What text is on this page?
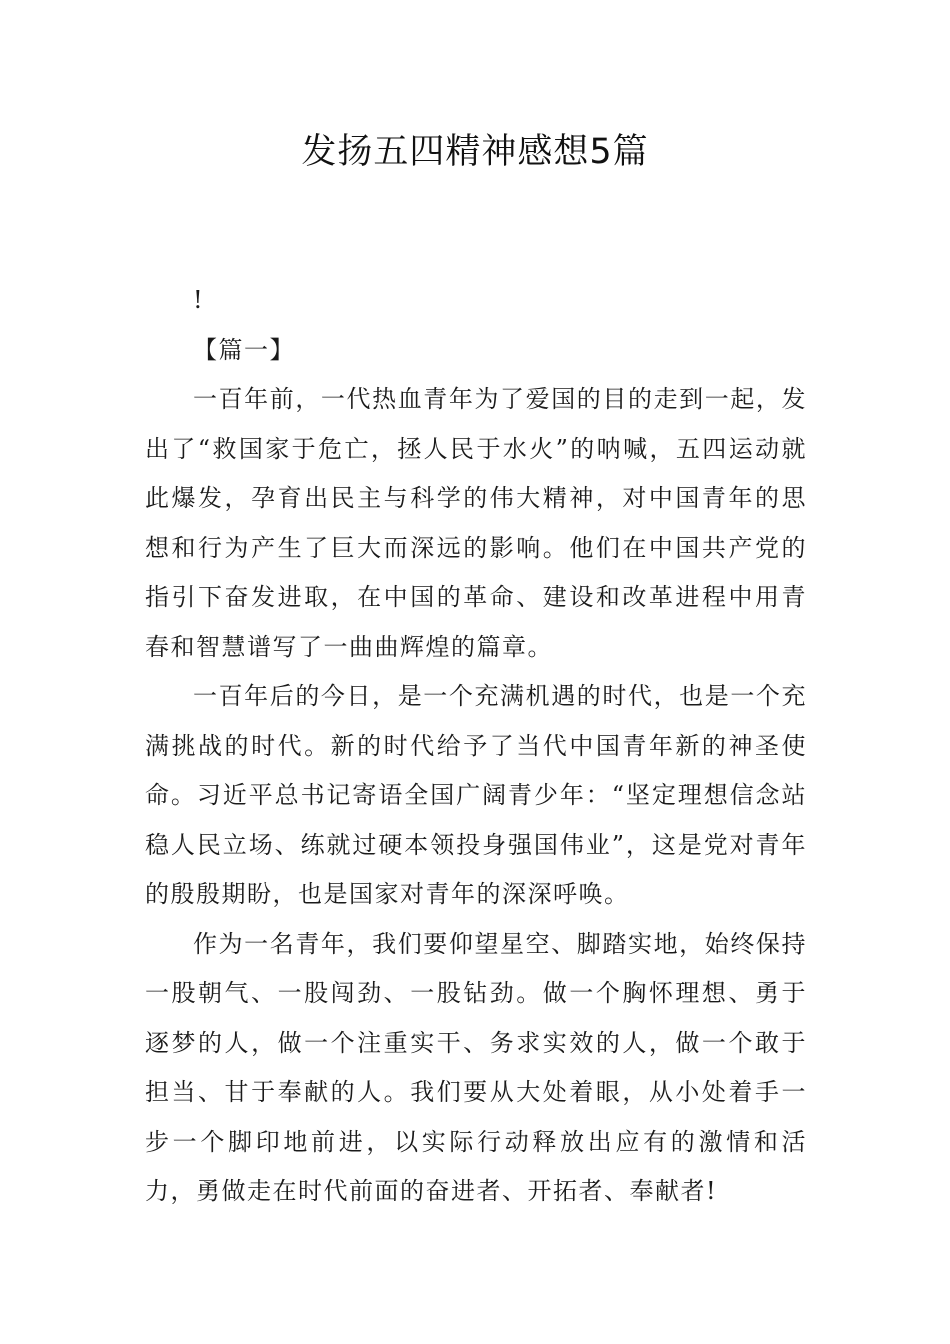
发扬五四精神感想5篇

!

【篇一】

一百年前，一代热血青年为了爱国的目的走到一起，发出了“救国家于危亡，拯人民于水火”的呐喊，五四运动就此爆发，孕育出民主与科学的伟大精神，对中国青年的思想和行为产生了巨大而深远的影响。他们在中国共产党的指引下奋发进取，在中国的革命、建设和改革进程中用青春和智慧谱写了一曲曲辉煌的篇章。

一百年后的今日，是一个充满机遇的时代，也是一个充满挑战的时代。新的时代给予了当代中国青年新的神圣使命。习近平总书记寄语全国广阔青少年：“坚定理想信念站稳人民立场、练就过硬本领投身强国伟业”，这是党对青年的殷殷期盼，也是国家对青年的深深呼唤。

作为一名青年，我们要仰望星空、脚踏实地，始终保持一股朝气、一股闯劲、一股钻劲。做一个胸怀理想、勇于逐梦的人，做一个注重实干、务求实效的人，做一个敢于担当、甘于奉献的人。我们要从大处着眼，从小处着手一步一个脚印地前进，以实际行动释放出应有的激情和活力，勇做走在时代前面的奋进者、开拓者、奉献者!
